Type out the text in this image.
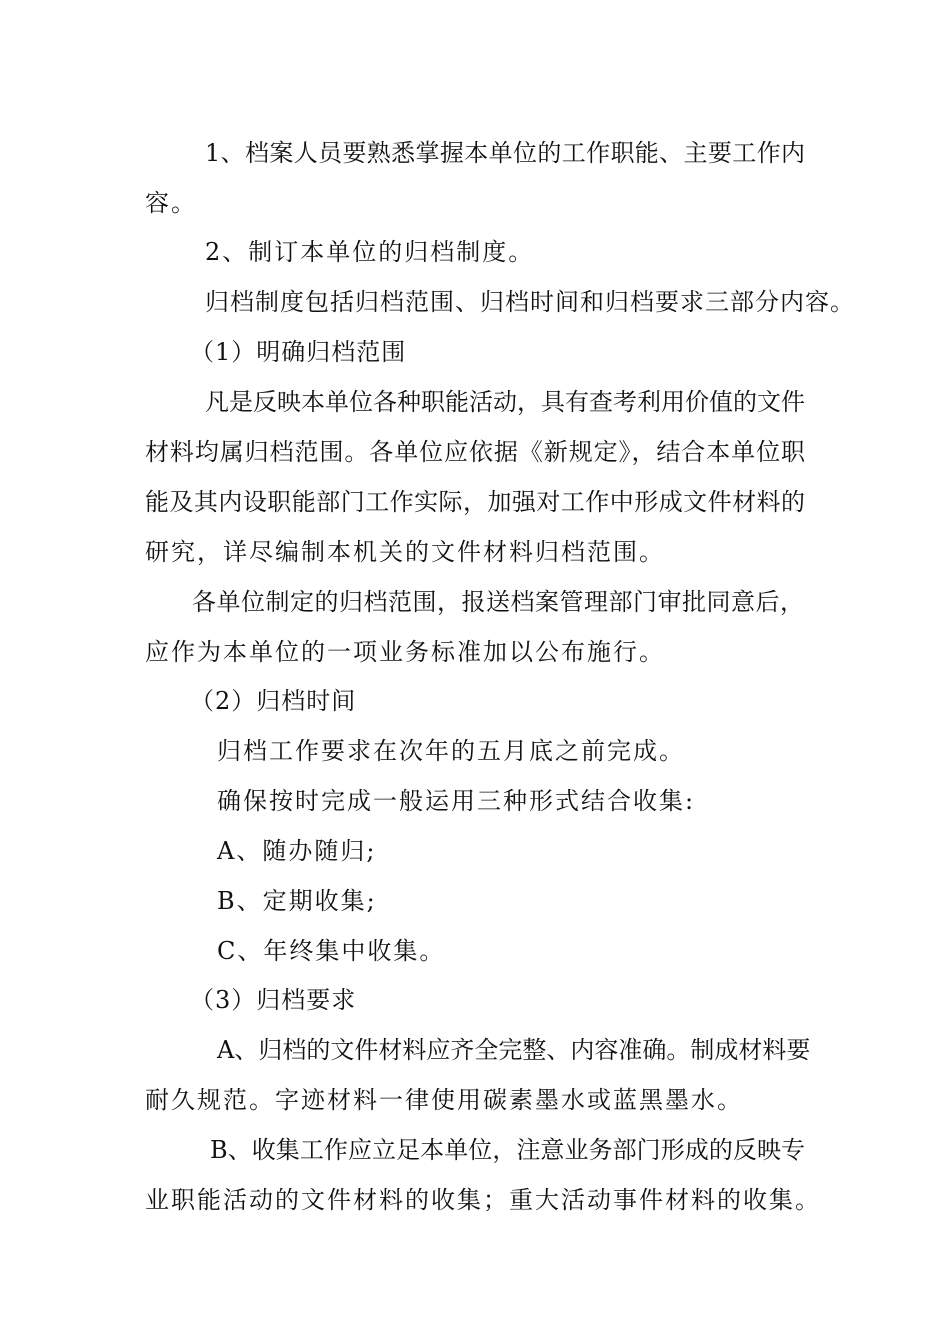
1、档案人员要熟悉掌握本单位的工作职能、主要工作内
容。
2、制订本单位的归档制度。
归档制度包括归档范围、归档时间和归档要求三部分内容。
（1）明确归档范围
凡是反映本单位各种职能活动，具有查考利用价值的文件
材料均属归档范围。各单位应依据《新规定》，结合本单位职
能及其内设职能部门工作实际，加强对工作中形成文件材料的
研究，详尽编制本机关的文件材料归档范围。
各单位制定的归档范围，报送档案管理部门审批同意后，
应作为本单位的一项业务标准加以公布施行。
（2）归档时间
归档工作要求在次年的五月底之前完成。
确保按时完成一般运用三种形式结合收集:
A、随办随归;
B、定期收集;
C、年终集中收集。
（3）归档要求
A、归档的文件材料应齐全完整、内容准确。制成材料要
耐久规范。字迹材料一律使用碳素墨水或蓝黑墨水。
B、收集工作应立足本单位，注意业务部门形成的反映专
业职能活动的文件材料的收集；重大活动事件材料的收集。
